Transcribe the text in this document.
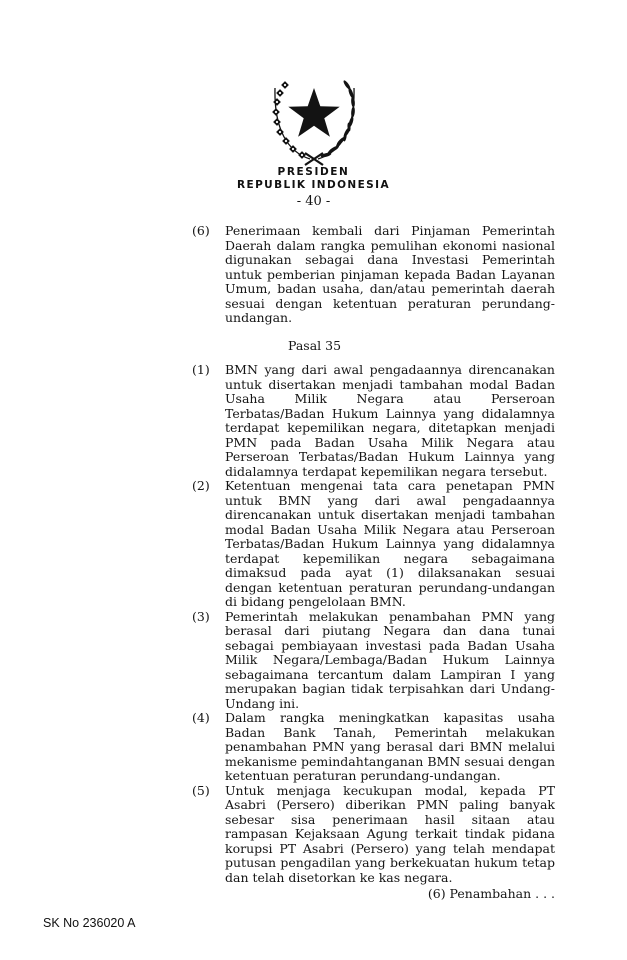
PRESIDEN
REPUBLIK INDONESIA
- 40 -
(6) Penerimaan kembali dari Pinjaman Pemerintah Daerah dalam rangka pemulihan ekonomi nasional digunakan sebagai dana Investasi Pemerintah untuk pemberian pinjaman kepada Badan Layanan Umum, badan usaha, dan/atau pemerintah daerah sesuai dengan ketentuan peraturan perundang-undangan.
Pasal 35
(1) BMN yang dari awal pengadaannya direncanakan untuk disertakan menjadi tambahan modal Badan Usaha Milik Negara atau Perseroan Terbatas/Badan Hukum Lainnya yang didalamnya terdapat kepemilikan negara, ditetapkan menjadi PMN pada Badan Usaha Milik Negara atau Perseroan Terbatas/Badan Hukum Lainnya yang didalamnya terdapat kepemilikan negara tersebut.
(2) Ketentuan mengenai tata cara penetapan PMN untuk BMN yang dari awal pengadaannya direncanakan untuk disertakan menjadi tambahan modal Badan Usaha Milik Negara atau Perseroan Terbatas/Badan Hukum Lainnya yang didalamnya terdapat kepemilikan negara sebagaimana dimaksud pada ayat (1) dilaksanakan sesuai dengan ketentuan peraturan perundang-undangan di bidang pengelolaan BMN.
(3) Pemerintah melakukan penambahan PMN yang berasal dari piutang Negara dan dana tunai sebagai pembiayaan investasi pada Badan Usaha Milik Negara/Lembaga/Badan Hukum Lainnya sebagaimana tercantum dalam Lampiran I yang merupakan bagian tidak terpisahkan dari Undang-Undang ini.
(4) Dalam rangka meningkatkan kapasitas usaha Badan Bank Tanah, Pemerintah melakukan penambahan PMN yang berasal dari BMN melalui mekanisme pemindahtanganan BMN sesuai dengan ketentuan peraturan perundang-undangan.
(5) Untuk menjaga kecukupan modal, kepada PT Asabri (Persero) diberikan PMN paling banyak sebesar sisa penerimaan hasil sitaan atau rampasan Kejaksaan Agung terkait tindak pidana korupsi PT Asabri (Persero) yang telah mendapat putusan pengadilan yang berkekuatan hukum tetap dan telah disetorkan ke kas negara.
(6) Penambahan . . .
SK No 236020 A
